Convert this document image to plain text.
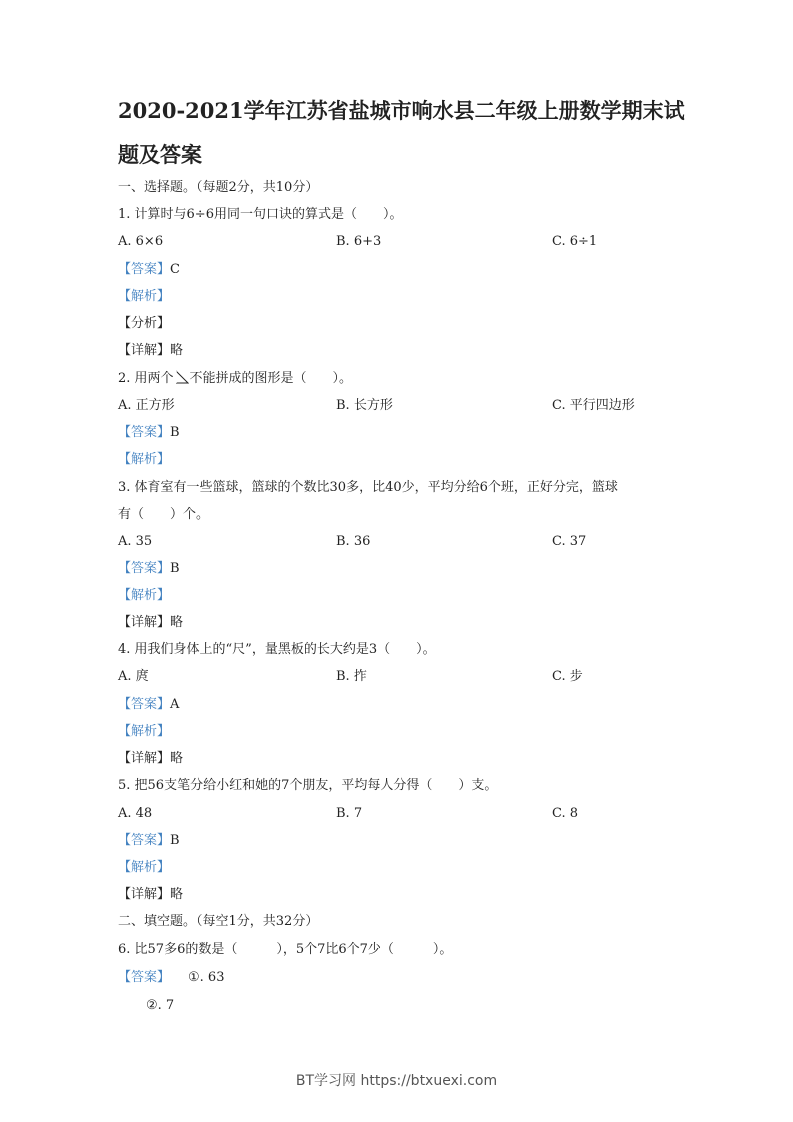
2020-2021学年江苏省盐城市响水县二年级上册数学期末试题及答案
一、选择题。（每题2分，共10分）
1. 计算时与6÷6用同一句口诀的算式是（　　）。
A. 6×6	B. 6+3	C. 6÷1
【答案】C
【解析】
【分析】
【详解】略
2. 用两个 不能拼成的图形是（　　）。
A. 正方形	B. 长方形	C. 平行四边形
【答案】B
【解析】
3. 体育室有一些篮球，篮球的个数比30多，比40少，平均分给6个班，正好分完，篮球
有（　　）个。
A. 35	B. 36	C. 37
【答案】B
【解析】
【详解】略
4. 用我们身体上的“尺”，量黑板的长大约是3（　　）。
A. 庹	B. 拃	C. 步
【答案】A
【解析】
【详解】略
5. 把56支笔分给小红和她的7个朋友，平均每人分得（　　）支。
A. 48	B. 7	C. 8
【答案】B
【解析】
【详解】略
二、填空题。（每空1分，共32分）
6. 比57多6的数是（　　　），5个7比6个7少（　　　）。
【答案】 ①. 63
②. 7
BT学习网 https://btxuexi.com
